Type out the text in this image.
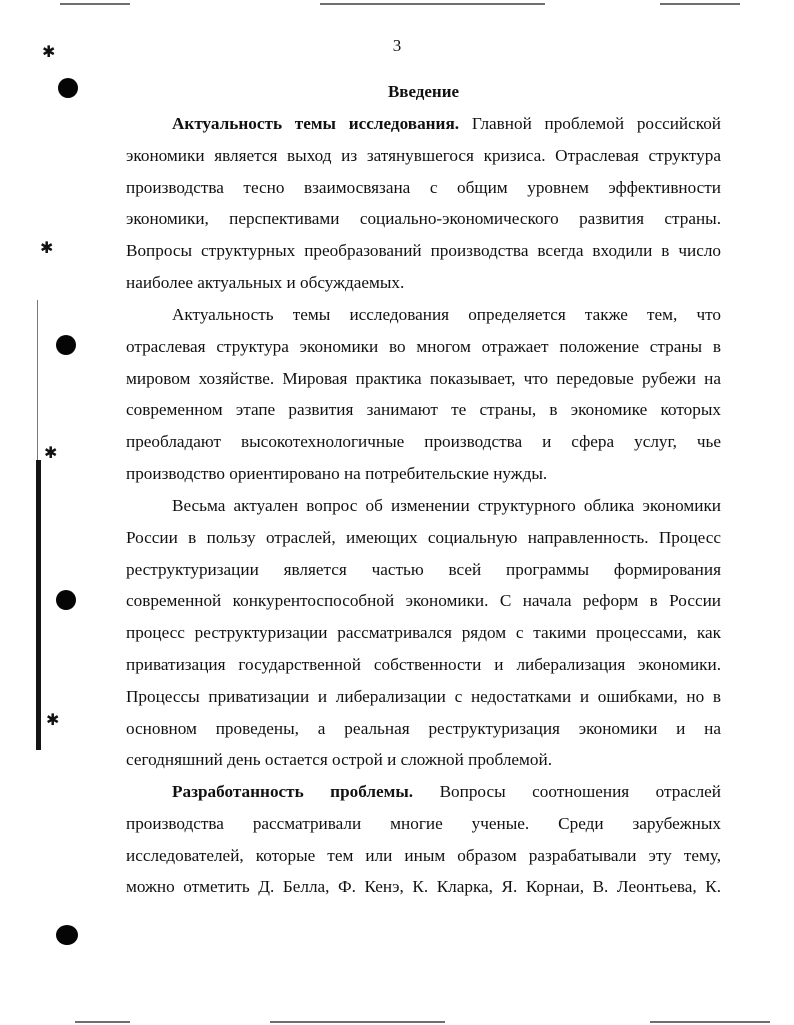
✱
✱
✱
✱
3
Введение
Актуальность темы исследования. Главной проблемой российской
экономики является выход из затянувшегося кризиса. Отраслевая структура
производства тесно взаимосвязана с общим уровнем эффективности
экономики, перспективами социально-экономического развития страны.
Вопросы структурных преобразований производства всегда входили в число
наиболее актуальных и обсуждаемых.
Актуальность темы исследования определяется также тем, что
отраслевая структура экономики во многом отражает положение страны в
мировом хозяйстве. Мировая практика показывает, что передовые рубежи на
современном этапе развития занимают те страны, в экономике которых
преобладают высокотехнологичные производства и сфера услуг, чье
производство ориентировано на потребительские нужды.
Весьма актуален вопрос об изменении структурного облика экономики
России в пользу отраслей, имеющих социальную направленность. Процесс
реструктуризации является частью всей программы формирования
современной конкурентоспособной экономики. С начала реформ в России
процесс реструктуризации рассматривался рядом с такими процессами, как
приватизация государственной собственности и либерализация экономики.
Процессы приватизации и либерализации с недостатками и ошибками, но в
основном проведены, а реальная реструктуризация экономики и на
сегодняшний день остается острой и сложной проблемой.
Разработанность проблемы. Вопросы соотношения отраслей
производства рассматривали многие ученые. Среди зарубежных
исследователей, которые тем или иным образом разрабатывали эту тему,
можно отметить Д. Белла, Ф. Кенэ, К. Кларка, Я. Корнаи, В. Леонтьева, К.
